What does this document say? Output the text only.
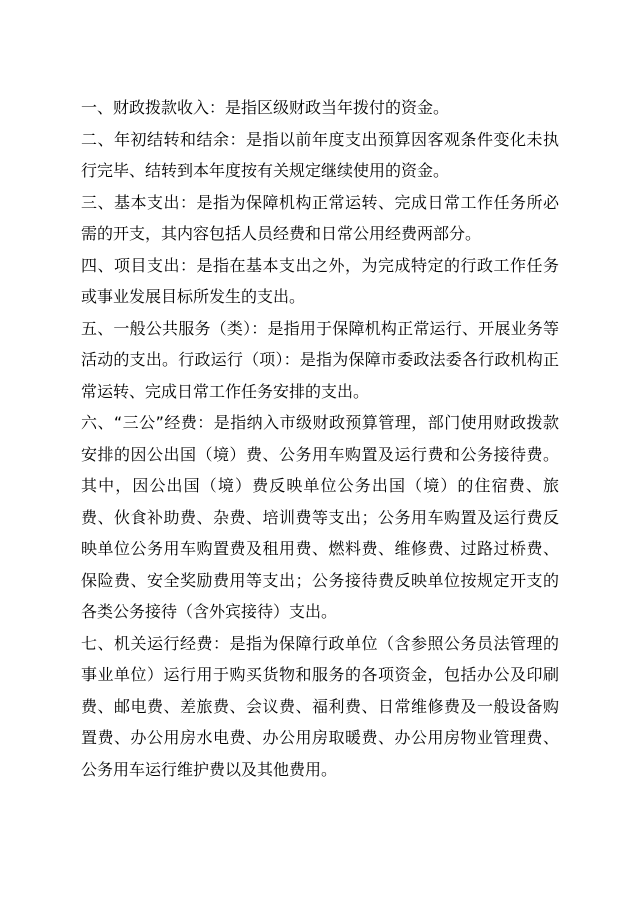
一、财政拨款收入：是指区级财政当年拨付的资金。

二、年初结转和结余：是指以前年度支出预算因客观条件变化未执行完毕、结转到本年度按有关规定继续使用的资金。

三、基本支出：是指为保障机构正常运转、完成日常工作任务所必需的开支，其内容包括人员经费和日常公用经费两部分。

四、项目支出：是指在基本支出之外，为完成特定的行政工作任务或事业发展目标所发生的支出。

五、一般公共服务（类）：是指用于保障机构正常运行、开展业务等活动的支出。行政运行（项）：是指为保障市委政法委各行政机构正常运转、完成日常工作任务安排的支出。

六、“三公”经费：是指纳入市级财政预算管理，部门使用财政拨款安排的因公出国（境）费、公务用车购置及运行费和公务接待费。其中，因公出国（境）费反映单位公务出国（境）的住宿费、旅费、伙食补助费、杂费、培训费等支出；公务用车购置及运行费反映单位公务用车购置费及租用费、燃料费、维修费、过路过桥费、保险费、安全奖励费用等支出；公务接待费反映单位按规定开支的各类公务接待（含外宾接待）支出。

七、机关运行经费：是指为保障行政单位（含参照公务员法管理的事业单位）运行用于购买货物和服务的各项资金，包括办公及印刷费、邮电费、差旅费、会议费、福利费、日常维修费及一般设备购置费、办公用房水电费、办公用房取暖费、办公用房物业管理费、公务用车运行维护费以及其他费用。
